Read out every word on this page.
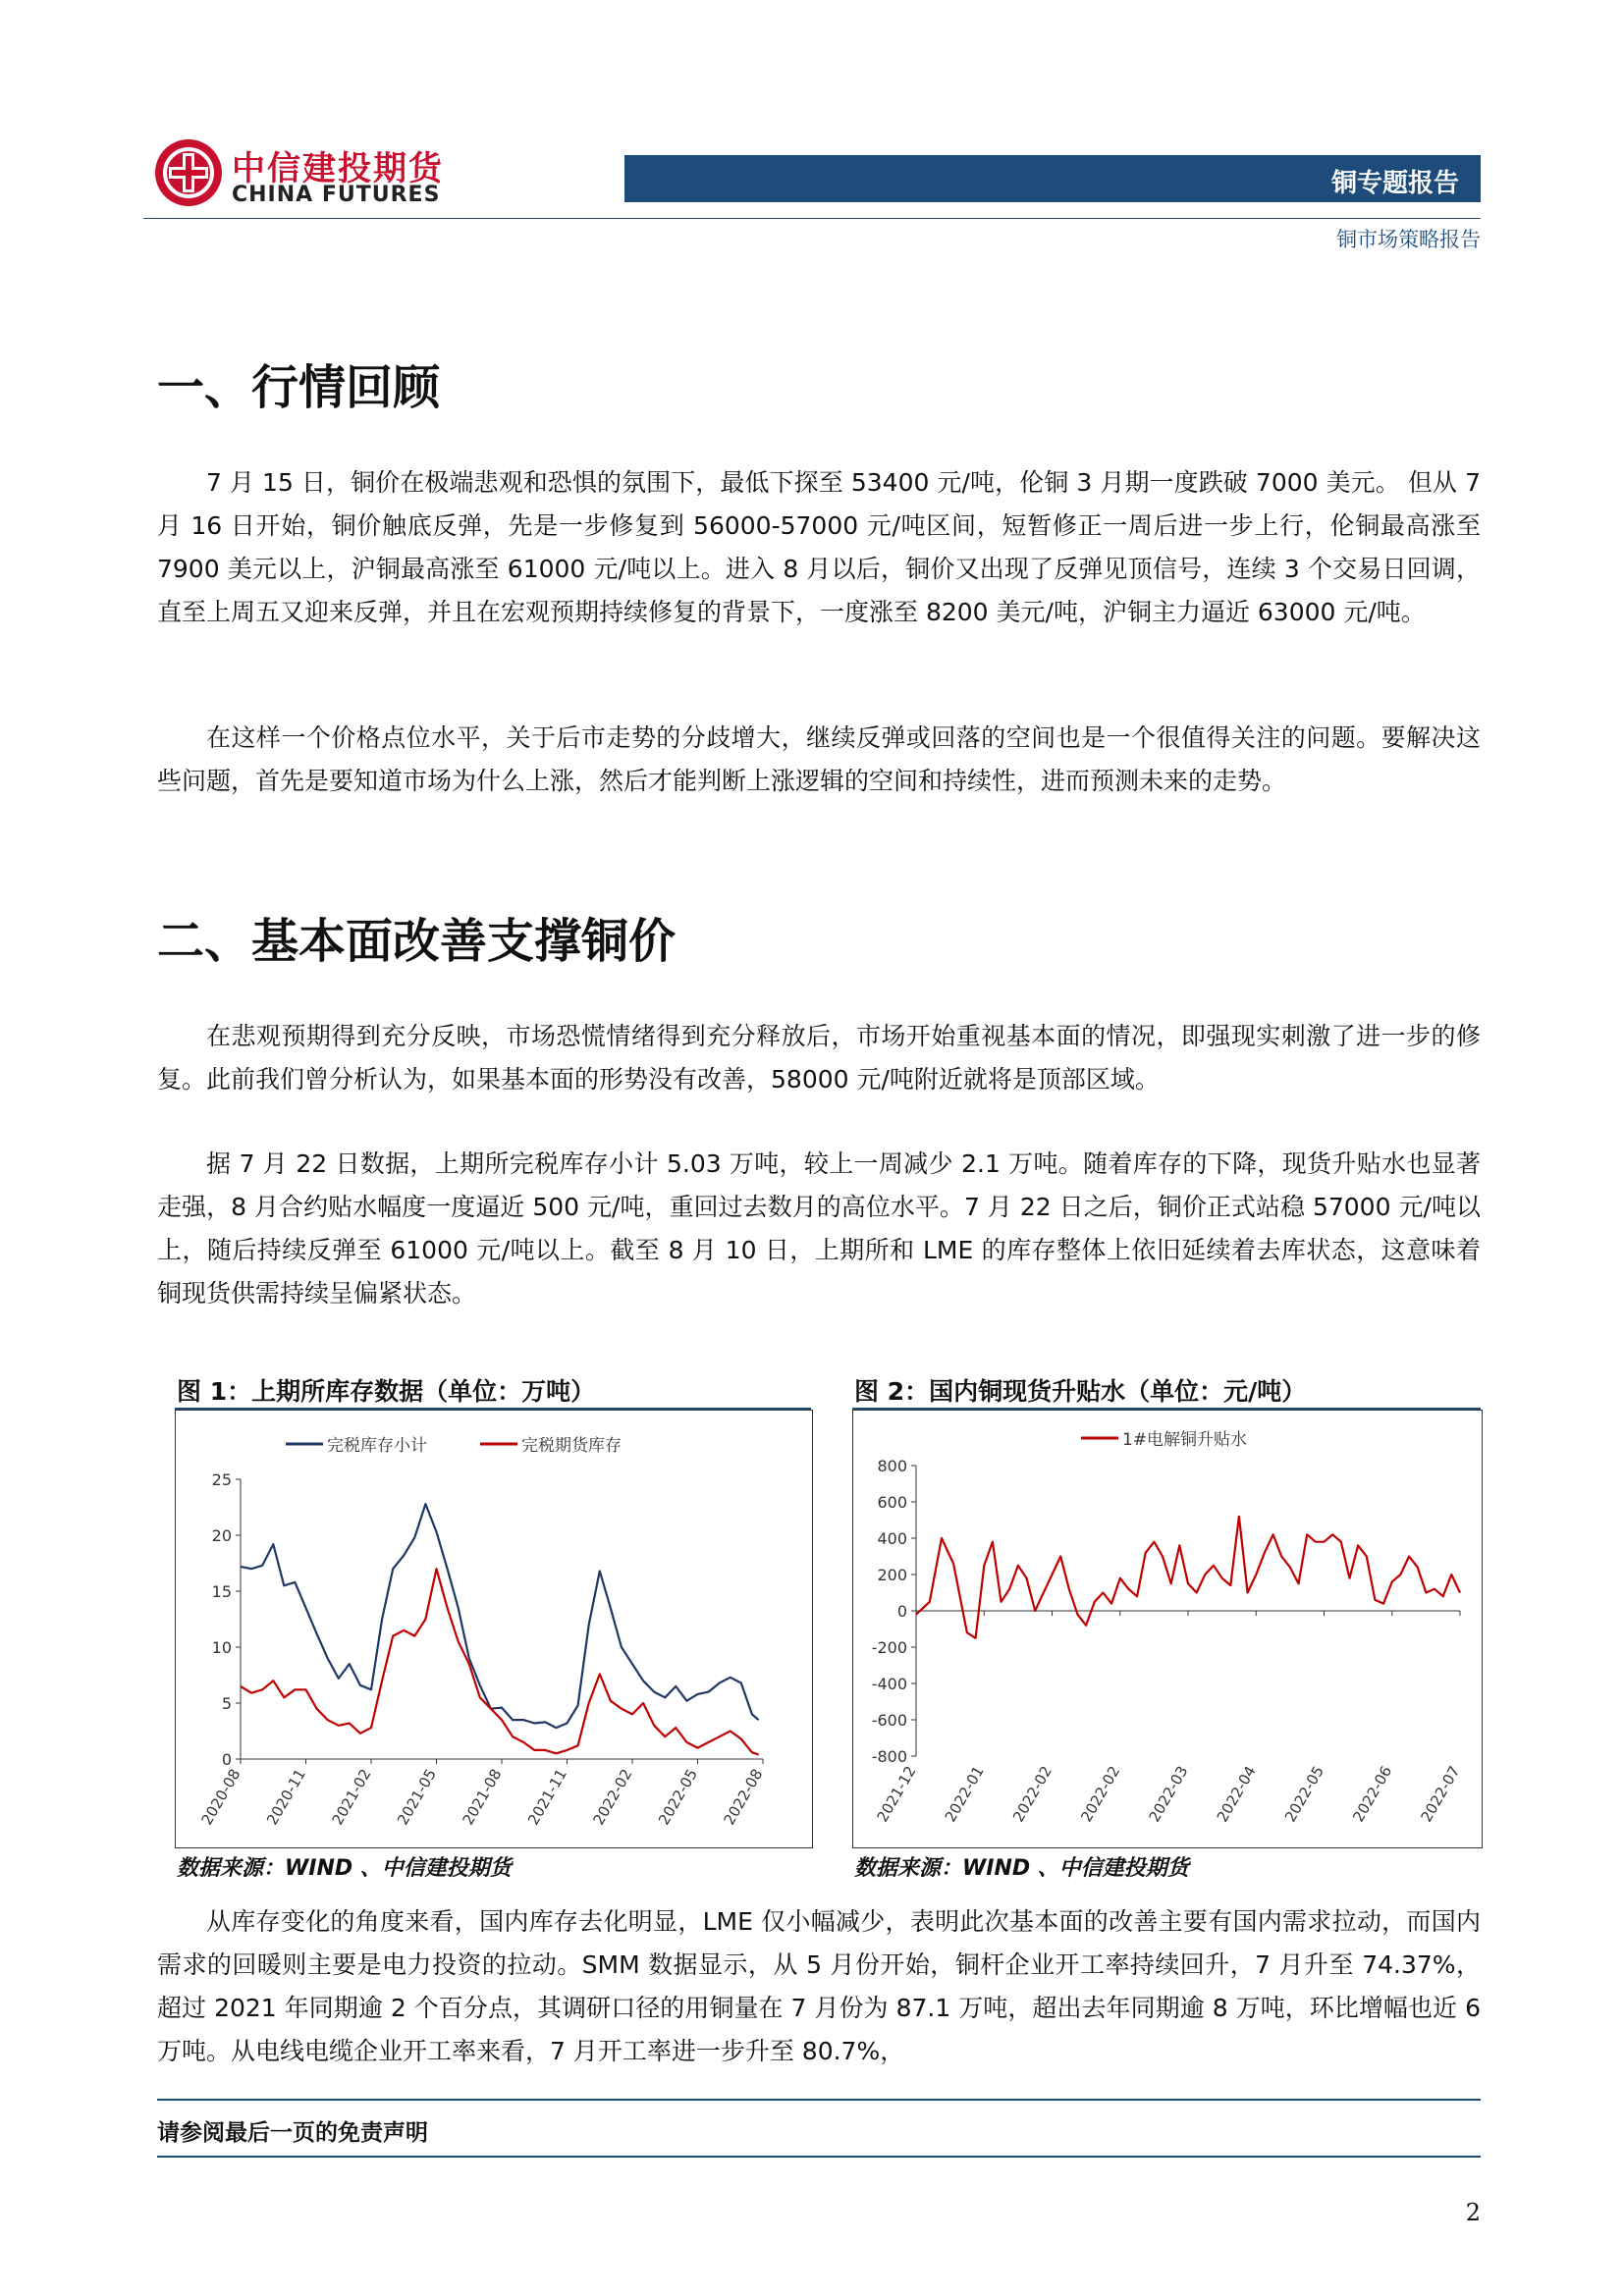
中信建投期货
CHINA FUTURES	铜专题报告
铜市场策略报告
一、行情回顾

7 月 15 日，铜价在极端悲观和恐惧的氛围下，最低下探至 53400 元/吨，伦铜 3 月期一度跌破 7000 美元。 但从 7 月 16 日开始，铜价触底反弹，先是一步修复到 56000-57000 元/吨区间，短暂修正一周后进一步上行，伦铜最高涨至 7900 美元以上，沪铜最高涨至 61000 元/吨以上。进入 8 月以后，铜价又出现了反弹见顶信号，连续 3 个交易日回调，直至上周五又迎来反弹，并且在宏观预期持续修复的背景下，一度涨至 8200 美元/吨，沪铜主力逼近 63000 元/吨。

在这样一个价格点位水平，关于后市走势的分歧增大，继续反弹或回落的空间也是一个很值得关注的问题。要解决这些问题，首先是要知道市场为什么上涨，然后才能判断上涨逻辑的空间和持续性，进而预测未来的走势。

二、基本面改善支撑铜价

在悲观预期得到充分反映，市场恐慌情绪得到充分释放后，市场开始重视基本面的情况，即强现实刺激了进一步的修复。此前我们曾分析认为，如果基本面的形势没有改善，58000 元/吨附近就将是顶部区域。

据 7 月 22 日数据，上期所完税库存小计 5.03 万吨，较上一周减少 2.1 万吨。随着库存的下降，现货升贴水也显著走强，8 月合约贴水幅度一度逼近 500 元/吨，重回过去数月的高位水平。7 月 22 日之后，铜价正式站稳 57000 元/吨以上，随后持续反弹至 61000 元/吨以上。截至 8 月 10 日，上期所和 LME 的库存整体上依旧延续着去库状态，这意味着铜现货供需持续呈偏紧状态。

图 1：上期所库存数据（单位：万吨）
完税库存小计	完税期货库存
0
5
10
15
20
25
2020-08 2020-11 2021-02 2021-05 2021-08 2021-11 2022-02 2022-05 2022-08
数据来源：WIND 、中信建投期货
图 2：国内铜现货升贴水（单位：元/吨）
1#电解铜升贴水
-800
-600
-400
-200
0
200
400
600
800
2021-12 2022-01 2022-02 2022-02 2022-03 2022-04 2022-05 2022-06 2022-07
数据来源：WIND 、中信建投期货

从库存变化的角度来看，国内库存去化明显，LME 仅小幅减少，表明此次基本面的改善主要有国内需求拉动，而国内需求的回暖则主要是电力投资的拉动。SMM 数据显示，从 5 月份开始，铜杆企业开工率持续回升，7 月升至 74.37%，超过 2021 年同期逾 2 个百分点，其调研口径的用铜量在 7 月份为 87.1 万吨，超出去年同期逾 8 万吨，环比增幅也近 6 万吨。从电线电缆企业开工率来看，7 月开工率进一步升至 80.7%，

请参阅最后一页的免责声明
2
